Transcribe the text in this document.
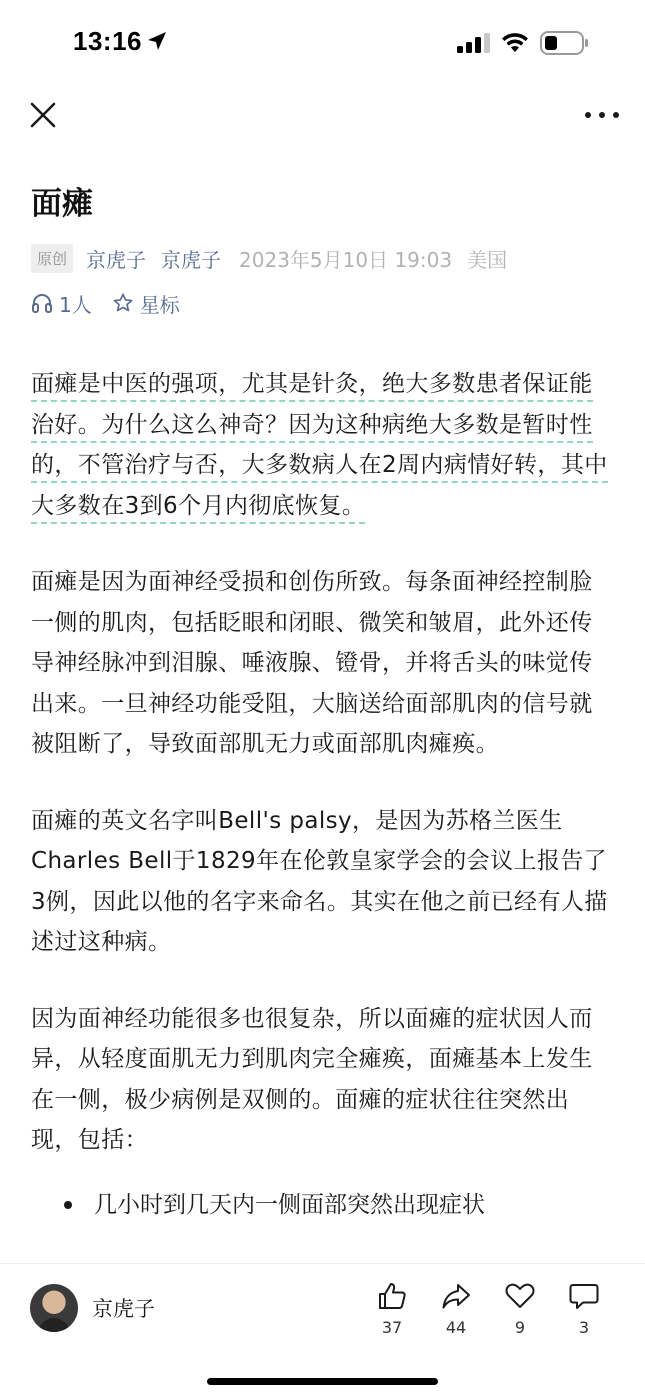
13:16
面瘫
原创 京虎子 京虎子 2023年5月10日 19:03 美国
1人 星标

面瘫是中医的强项，尤其是针灸，绝大多数患者保证能治好。为什么这么神奇？因为这种病绝大多数是暂时性的，不管治疗与否，大多数病人在2周内病情好转，其中大多数在3到6个月内彻底恢复。

面瘫是因为面神经受损和创伤所致。每条面神经控制脸一侧的肌肉，包括眨眼和闭眼、微笑和皱眉，此外还传导神经脉冲到泪腺、唾液腺、镫骨，并将舌头的味觉传出来。一旦神经功能受阻，大脑送给面部肌肉的信号就被阻断了，导致面部肌无力或面部肌肉瘫痪。

面瘫的英文名字叫Bell's palsy，是因为苏格兰医生Charles Bell于1829年在伦敦皇家学会的会议上报告了3例，因此以他的名字来命名。其实在他之前已经有人描述过这种病。

因为面神经功能很多也很复杂，所以面瘫的症状因人而异，从轻度面肌无力到肌肉完全瘫痪，面瘫基本上发生在一侧，极少病例是双侧的。面瘫的症状往往突然出现，包括：

几小时到几天内一侧面部突然出现症状
京虎子
37	44	9	3
